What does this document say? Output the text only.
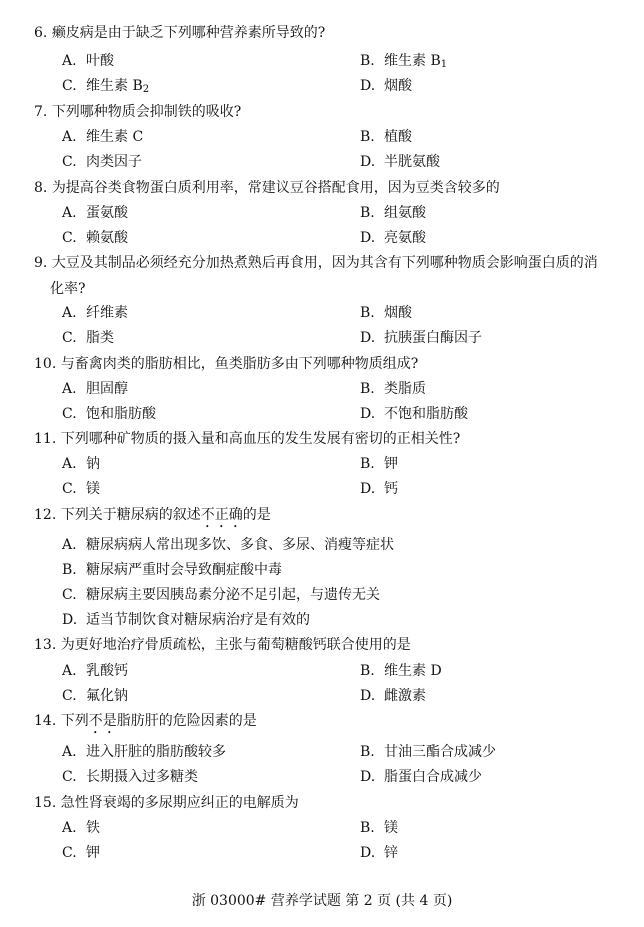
6. 癞皮病是由于缺乏下列哪种营养素所导致的?
A. 叶酸	B. 维生素 $B_1$
C. 维生素 $B_2$	D. 烟酸
7. 下列哪种物质会抑制铁的吸收?
A. 维生素 C	B. 植酸
C. 肉类因子	D. 半胱氨酸
8. 为提高谷类食物蛋白质利用率，常建议豆谷搭配食用，因为豆类含较多的
A. 蛋氨酸	B. 组氨酸
C. 赖氨酸	D. 亮氨酸
9. 大豆及其制品必须经充分加热煮熟后再食用，因为其含有下列哪种物质会影响蛋白质的消
化率?
A. 纤维素	B. 烟酸
C. 脂类	D. 抗胰蛋白酶因子
10. 与畜禽肉类的脂肪相比，鱼类脂肪多由下列哪种物质组成?
A. 胆固醇	B. 类脂质
C. 饱和脂肪酸	D. 不饱和脂肪酸
11. 下列哪种矿物质的摄入量和高血压的发生发展有密切的正相关性?
A. 钠	B. 钾
C. 镁	D. 钙
12. 下列关于糖尿病的叙述不正确的是
A. 糖尿病病人常出现多饮、多食、多尿、消瘦等症状
B. 糖尿病严重时会导致酮症酸中毒
C. 糖尿病主要因胰岛素分泌不足引起，与遗传无关
D. 适当节制饮食对糖尿病治疗是有效的
13. 为更好地治疗骨质疏松，主张与葡萄糖酸钙联合使用的是
A. 乳酸钙	B. 维生素 D
C. 氟化钠	D. 雌激素
14. 下列不是脂肪肝的危险因素的是
A. 进入肝脏的脂肪酸较多	B. 甘油三酯合成减少
C. 长期摄入过多糖类	D. 脂蛋白合成减少
15. 急性肾衰竭的多尿期应纠正的电解质为
A. 铁	B. 镁
C. 钾	D. 锌
浙 03000# 营养学试题 第 2 页 (共 4 页)
